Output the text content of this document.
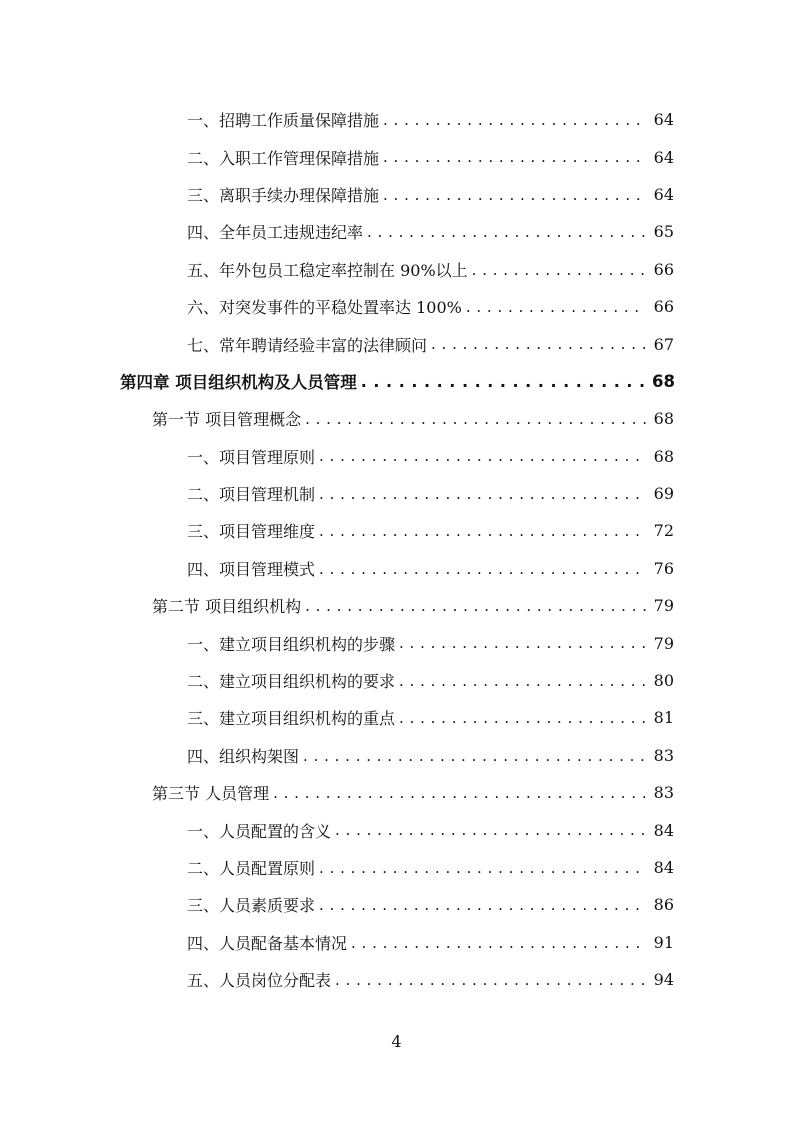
一、招聘工作质量保障措施 . . .	64
二、入职工作管理保障措施 . . .	64
三、离职手续办理保障措施 . . .	64
四、全年员工违规违纪率 . . .	65
五、年外包员工稳定率控制在 90%以上 . . .	66
六、对突发事件的平稳处置率达 100% . . .	66
七、常年聘请经验丰富的法律顾问 . . .	67
第四章 项目组织机构及人员管理 . . .	68
第一节 项目管理概念 . . .	68
一、项目管理原则 . . .	68
二、项目管理机制 . . .	69
三、项目管理维度 . . .	72
四、项目管理模式 . . .	76
第二节 项目组织机构 . . .	79
一、建立项目组织机构的步骤 . . .	79
二、建立项目组织机构的要求 . . .	80
三、建立项目组织机构的重点 . . .	81
四、组织构架图 . . .	83
第三节 人员管理 . . .	83
一、人员配置的含义 . . .	84
二、人员配置原则 . . .	84
三、人员素质要求 . . .	86
四、人员配备基本情况 . . .	91
五、人员岗位分配表 . . .	94
4
